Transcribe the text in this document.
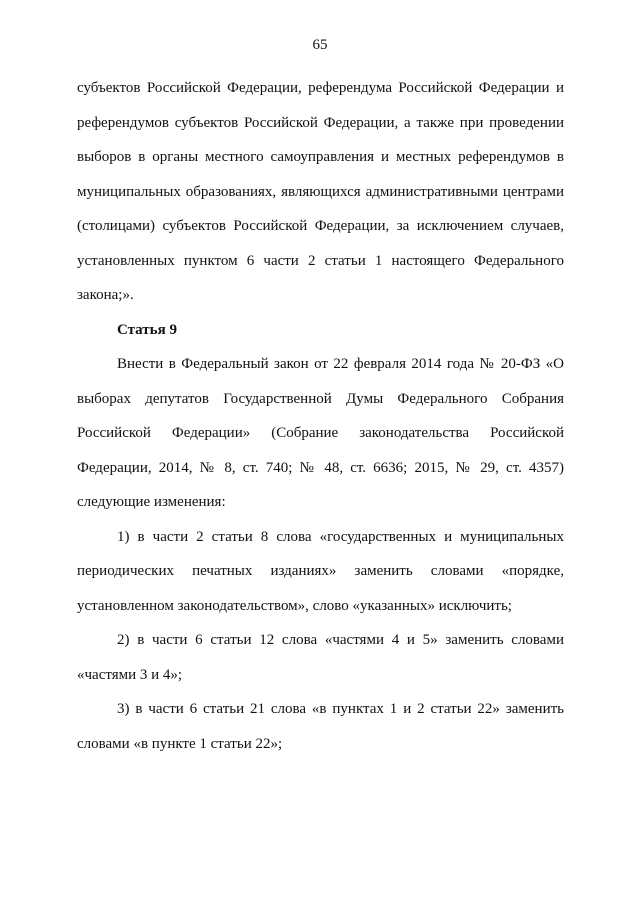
65

субъектов Российской Федерации, референдума Российской Федерации и референдумов субъектов Российской Федерации, а также при проведении выборов в органы местного самоуправления и местных референдумов в муниципальных образованиях, являющихся административными центрами (столицами) субъектов Российской Федерации, за исключением случаев, установленных пунктом 6 части 2 статьи 1 настоящего Федерального закона;».

Статья 9

Внести в Федеральный закон от 22 февраля 2014 года № 20-ФЗ «О выборах депутатов Государственной Думы Федерального Собрания Российской Федерации» (Собрание законодательства Российской Федерации, 2014, № 8, ст. 740; № 48, ст. 6636; 2015, № 29, ст. 4357) следующие изменения:

1) в части 2 статьи 8 слова «государственных и муниципальных периодических печатных изданиях» заменить словами «порядке, установленном законодательством», слово «указанных» исключить;

2) в части 6 статьи 12 слова «частями 4 и 5» заменить словами «частями 3 и 4»;

3) в части 6 статьи 21 слова «в пунктах 1 и 2 статьи 22» заменить словами «в пункте 1 статьи 22»;
